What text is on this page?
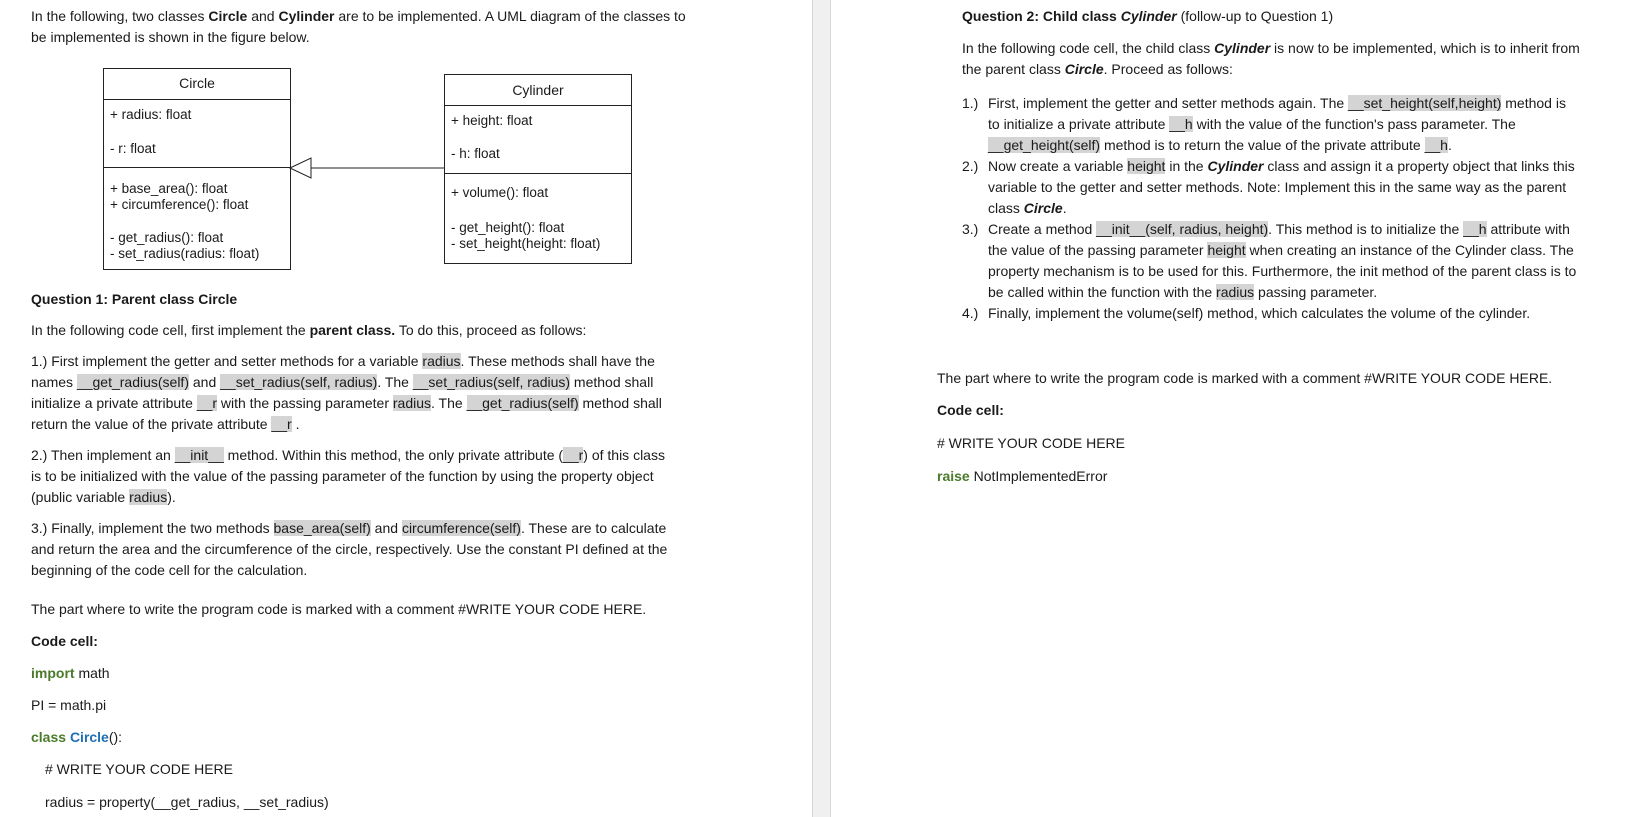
In the following, two classes Circle and Cylinder are to be implemented. A UML diagram of the classes to
be implemented is shown in the figure below.
Circle
+ radius: float
- r: float
+ base_area(): float
+ circumference(): float
- get_radius(): float
- set_radius(radius: float)
Cylinder
+ height: float
- h: float
+ volume(): float
- get_height(): float
- set_height(height: float)
Question 1: Parent class Circle
In the following code cell, first implement the parent class. To do this, proceed as follows:
1.) First implement the getter and setter methods for a variable radius. These methods shall have the
names __get_radius(self) and __set_radius(self, radius). The __set_radius(self, radius) method shall
initialize a private attribute __r with the passing parameter radius. The __get_radius(self) method shall
return the value of the private attribute __r .
2.) Then implement an __init__ method. Within this method, the only private attribute (__r) of this class
is to be initialized with the value of the passing parameter of the function by using the property object
(public variable radius).
3.) Finally, implement the two methods base_area(self) and circumference(self). These are to calculate
and return the area and the circumference of the circle, respectively. Use the constant PI defined at the
beginning of the code cell for the calculation.
The part where to write the program code is marked with a comment #WRITE YOUR CODE HERE.
Code cell:
import math
PI = math.pi
class Circle():
# WRITE YOUR CODE HERE
radius = property(__get_radius, __set_radius)
Question 2: Child class Cylinder (follow-up to Question 1)
In the following code cell, the child class Cylinder is now to be implemented, which is to inherit from
the parent class Circle. Proceed as follows:
1.) First, implement the getter and setter methods again. The __set_height(self,height) method is
to initialize a private attribute __h with the value of the function's pass parameter. The
__get_height(self) method is to return the value of the private attribute __h.
2.) Now create a variable height in the Cylinder class and assign it a property object that links this
variable to the getter and setter methods. Note: Implement this in the same way as the parent
class Circle.
3.) Create a method __init__(self, radius, height). This method is to initialize the __h attribute with
the value of the passing parameter height when creating an instance of the Cylinder class. The
property mechanism is to be used for this. Furthermore, the init method of the parent class is to
be called within the function with the radius passing parameter.
4.) Finally, implement the volume(self) method, which calculates the volume of the cylinder.
The part where to write the program code is marked with a comment #WRITE YOUR CODE HERE.
Code cell:
# WRITE YOUR CODE HERE
raise NotImplementedError
